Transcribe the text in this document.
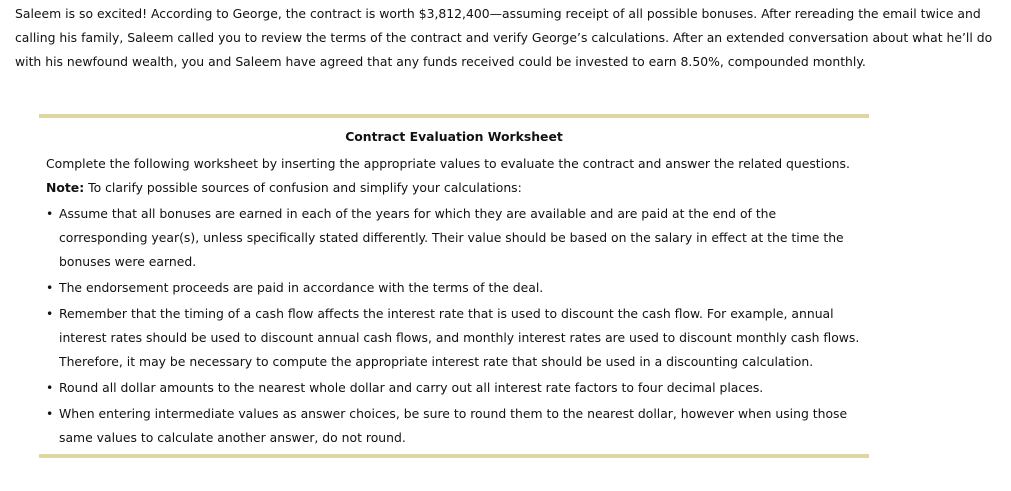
Saleem is so excited! According to George, the contract is worth $3,812,400—assuming receipt of all possible bonuses. After rereading the email twice and calling his family, Saleem called you to review the terms of the contract and verify George’s calculations. After an extended conversation about what he’ll do with his newfound wealth, you and Saleem have agreed that any funds received could be invested to earn 8.50%, compounded monthly.

Contract Evaluation Worksheet

Complete the following worksheet by inserting the appropriate values to evaluate the contract and answer the related questions.

Note: To clarify possible sources of confusion and simplify your calculations:

• Assume that all bonuses are earned in each of the years for which they are available and are paid at the end of the corresponding year(s), unless specifically stated differently. Their value should be based on the salary in effect at the time the bonuses were earned.
• The endorsement proceeds are paid in accordance with the terms of the deal.
• Remember that the timing of a cash flow affects the interest rate that is used to discount the cash flow. For example, annual interest rates should be used to discount annual cash flows, and monthly interest rates are used to discount monthly cash flows. Therefore, it may be necessary to compute the appropriate interest rate that should be used in a discounting calculation.
• Round all dollar amounts to the nearest whole dollar and carry out all interest rate factors to four decimal places.
• When entering intermediate values as answer choices, be sure to round them to the nearest dollar, however when using those same values to calculate another answer, do not round.
